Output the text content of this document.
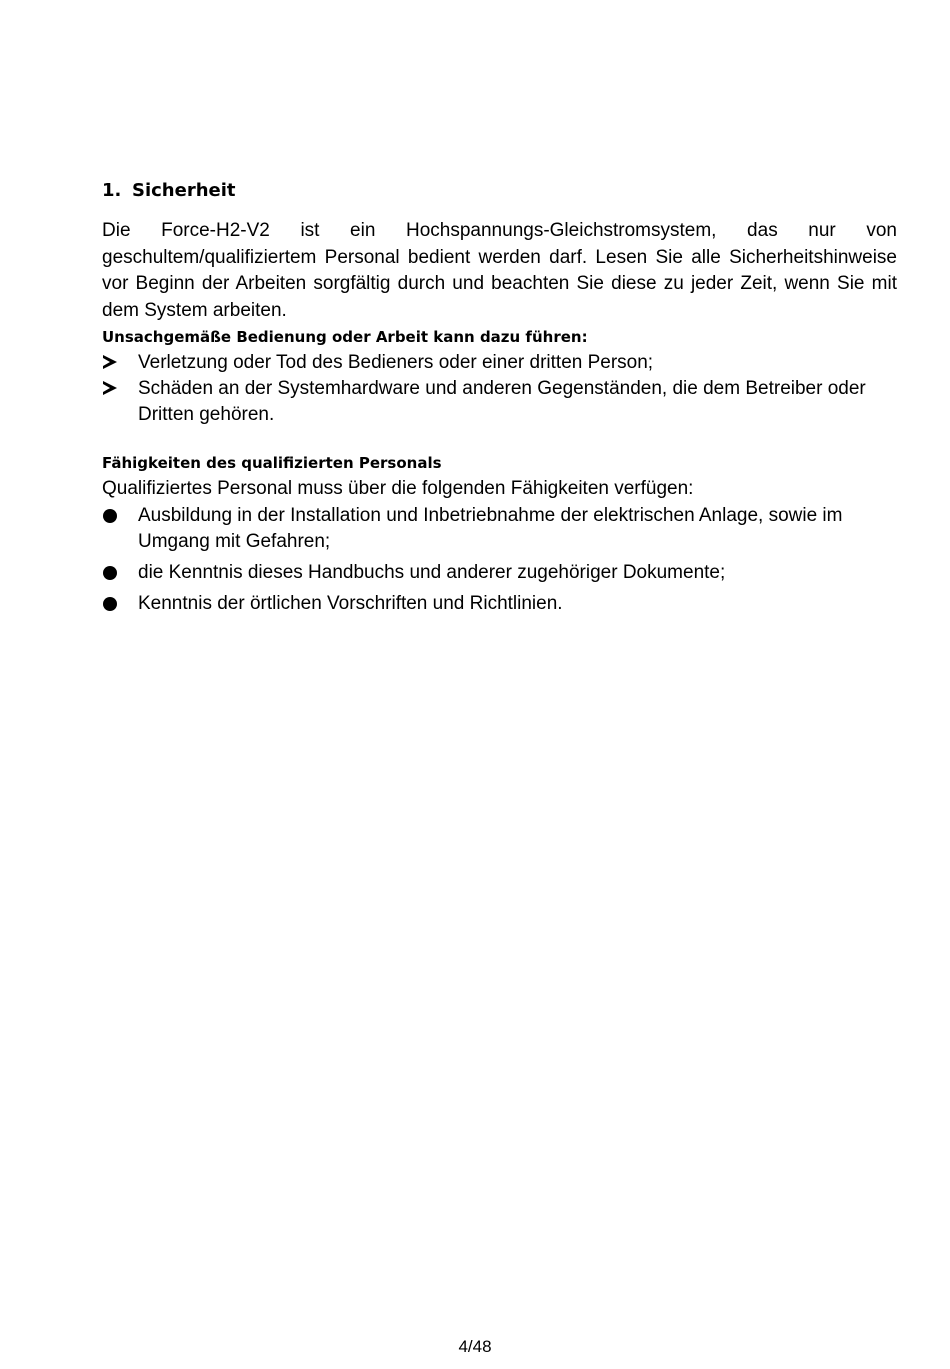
1. Sicherheit

Die Force-H2-V2 ist ein Hochspannungs-Gleichstromsystem, das nur von geschultem/qualifiziertem Personal bedient werden darf. Lesen Sie alle Sicherheitshinweise vor Beginn der Arbeiten sorgfältig durch und beachten Sie diese zu jeder Zeit, wenn Sie mit dem System arbeiten.

Unsachgemäße Bedienung oder Arbeit kann dazu führen:

Verletzung oder Tod des Bedieners oder einer dritten Person;
Schäden an der Systemhardware und anderen Gegenständen, die dem Betreiber oder Dritten gehören.

Fähigkeiten des qualifizierten Personals

Qualifiziertes Personal muss über die folgenden Fähigkeiten verfügen:

Ausbildung in der Installation und Inbetriebnahme der elektrischen Anlage, sowie im Umgang mit Gefahren;
die Kenntnis dieses Handbuchs und anderer zugehöriger Dokumente;
Kenntnis der örtlichen Vorschriften und Richtlinien.
4/48
